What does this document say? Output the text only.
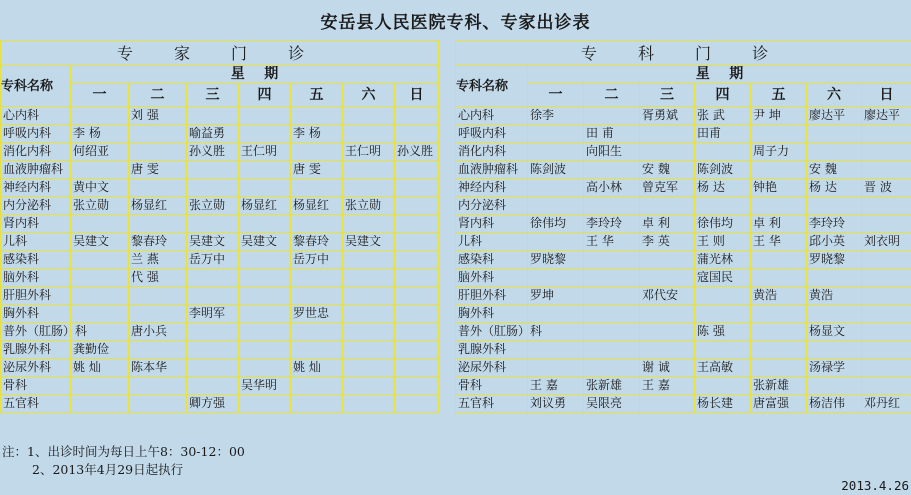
安岳县人民医院专科、专家出诊表
专 家 门 诊							
专科名称	星    期						
	一	二	三	四	五	六	日
心内科		刘 强					
呼吸内科	李 杨		喻益勇		李 杨		
消化内科	何绍亚		孙义胜	王仁明		王仁明	孙义胜
血液肿瘤科		唐 雯			唐 雯		
神经内科	黄中文						
内分泌科	张立勋	杨显红	张立勋	杨显红	杨显红	张立勋	
肾内科							
儿科	吴建文	黎春玲	吴建文	吴建文	黎春玲	吴建文	
感染科		兰 燕	岳万中		岳万中		
脑外科		代 强					
肝胆外科							
胸外科			李明军		罗世忠		
普外（肛肠）科		唐小兵					
乳腺外科	龚勤俭						
泌尿外科	姚 灿	陈本华			姚 灿		
骨科				吴华明			
五官科			卿方强				
专 科 门 诊							
专科名称	星    期						
	一	二	三	四	五	六	日
心内科	徐李		胥勇斌	张 武	尹 坤	廖达平	廖达平
呼吸内科		田 甫		田甫			
消化内科		向阳生			周子力		
血液肿瘤科	陈剑波		安 魏	陈剑波		安 魏	
神经内科		高小林	曾克军	杨 达	钟艳	杨 达	晋 波
内分泌科							
肾内科	徐伟均	李玲玲	卓 利	徐伟均	卓 利	李玲玲	
儿科		王 华	李 英	王 则	王 华	邱小英	刘衣明
感染科	罗晓黎			蒲光林		罗晓黎	
脑外科				寇国民			
肝胆外科	罗坤		邓代安		黄浩	黄浩	
胸外科							
普外（肛肠）科				陈 强		杨显文	
乳腺外科							
泌尿外科			谢 诚	王高敏		汤禄学	
骨科	王 嘉	张新雄	王 嘉		张新雄		
五官科	刘议勇	吴限亮		杨长建	唐富强	杨洁伟	邓丹红
注：1、出诊时间为每日上午8：30-12：00
2、2013年4月29日起执行
2013.4.26
